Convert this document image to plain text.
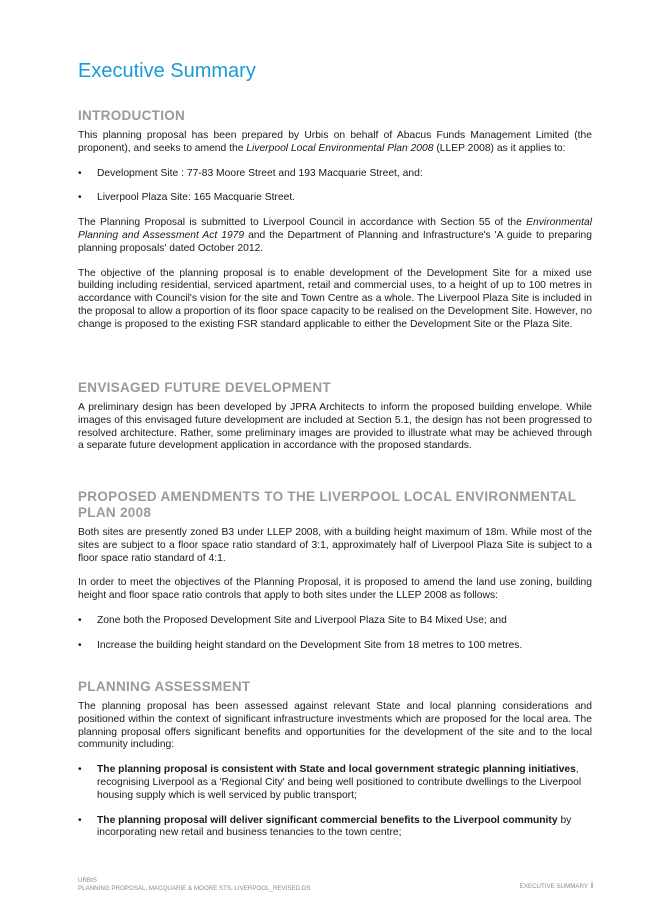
Executive Summary
INTRODUCTION

This planning proposal has been prepared by Urbis on behalf of Abacus Funds Management Limited (the proponent), and seeks to amend the Liverpool Local Environmental Plan 2008 (LLEP 2008) as it applies to:

•	Development Site : 77-83 Moore Street and 193 Macquarie Street, and:
•	Liverpool Plaza Site: 165 Macquarie Street.

The Planning Proposal is submitted to Liverpool Council in accordance with Section 55 of the Environmental Planning and Assessment Act 1979 and the Department of Planning and Infrastructure's 'A guide to preparing planning proposals' dated October 2012.

The objective of the planning proposal is to enable development of the Development Site for a mixed use building including residential, serviced apartment, retail and commercial uses, to a height of up to 100 metres in accordance with Council's vision for the site and Town Centre as a whole. The Liverpool Plaza Site is included in the proposal to allow a proportion of its floor space capacity to be realised on the Development Site. However, no change is proposed to the existing FSR standard applicable to either the Development Site or the Plaza Site.

ENVISAGED FUTURE DEVELOPMENT

A preliminary design has been developed by JPRA Architects to inform the proposed building envelope. While images of this envisaged future development are included at Section 5.1, the design has not been progressed to resolved architecture. Rather, some preliminary images are provided to illustrate what may be achieved through a separate future development application in accordance with the proposed standards.

PROPOSED AMENDMENTS TO THE LIVERPOOL LOCAL ENVIRONMENTAL PLAN 2008

Both sites are presently zoned B3 under LLEP 2008, with a building height maximum of 18m. While most of the sites are subject to a floor space ratio standard of 3:1, approximately half of Liverpool Plaza Site is subject to a floor space ratio standard of 4:1.

In order to meet the objectives of the Planning Proposal, it is proposed to amend the land use zoning, building height and floor space ratio controls that apply to both sites under the LLEP 2008 as follows:

•	Zone both the Proposed Development Site and Liverpool Plaza Site to B4 Mixed Use; and
•	Increase the building height standard on the Development Site from 18 metres to 100 metres.
PLANNING ASSESSMENT

The planning proposal has been assessed against relevant State and local planning considerations and positioned within the context of significant infrastructure investments which are proposed for the local area. The planning proposal offers significant benefits and opportunities for the development of the site and to the local community including:

•	The planning proposal is consistent with State and local government strategic planning initiatives, recognising Liverpool as a 'Regional City' and being well positioned to contribute dwellings to the Liverpool housing supply which is well serviced by public transport;
•	The planning proposal will deliver significant commercial benefits to the Liverpool community by incorporating new retail and business tenancies to the town centre;
URBIS
PLANNING PROPOSAL, MACQUARIE & MOORE STS, LIVERPOOL_REVISED.DS	EXECUTIVE SUMMARY i
